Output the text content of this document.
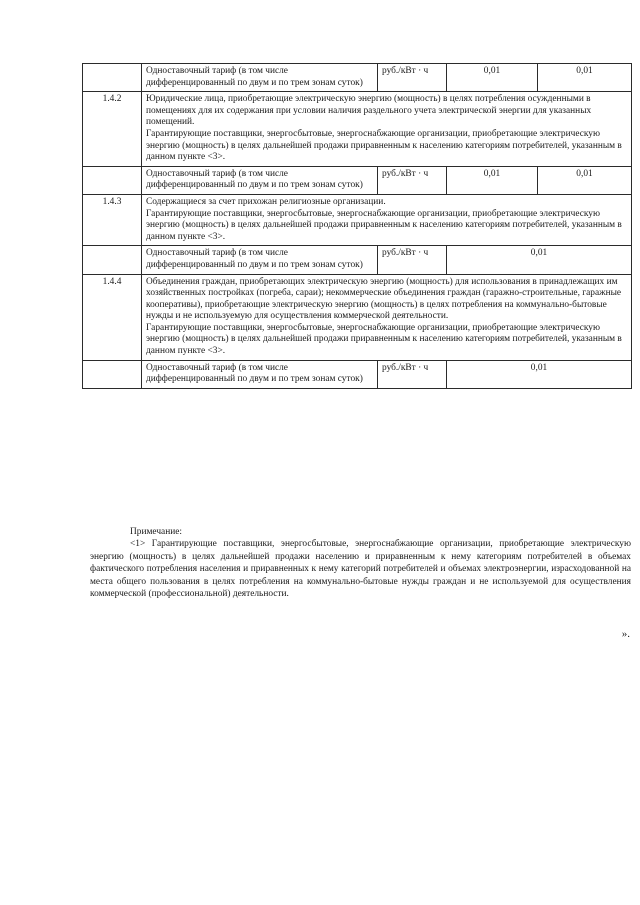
	Одноставочный тариф (в том числе дифференцированный по двум и по трем зонам суток)	руб./кВт · ч	0,01	0,01
1.4.2	Юридические лица, приобретающие электрическую энергию (мощность) в целях потребления осужденными в помещениях для их содержания при условии наличия раздельного учета электрической энергии для указанных помещений.
Гарантирующие поставщики, энергосбытовые, энергоснабжающие организации, приобретающие электрическую энергию (мощность) в целях дальнейшей продажи приравненным к населению категориям потребителей, указанным в данном пункте <3>.			

	Одноставочный тариф (в том числе дифференцированный по двум и по трем зонам суток)	руб./кВт · ч	0,01	0,01
1.4.3	Содержащиеся за счет прихожан религиозные организации.
Гарантирующие поставщики, энергосбытовые, энергоснабжающие организации, приобретающие электрическую энергию (мощность) в целях дальнейшей продажи приравненным к населению категориям потребителей, указанным в данном пункте <3>.			

	Одноставочный тариф (в том числе дифференцированный по двум и по трем зонам суток)	руб./кВт · ч	0,01	
1.4.4	Объединения граждан, приобретающих электрическую энергию (мощность) для использования в принадлежащих им хозяйственных постройках (погреба, сараи); некоммерческие объединения граждан (гаражно-строительные, гаражные кооперативы), приобретающие электрическую энергию (мощность) в целях потребления на коммунально-бытовые нужды и не используемую для осуществления коммерческой деятельности.
Гарантирующие поставщики, энергосбытовые, энергоснабжающие организации, приобретающие электрическую энергию (мощность) в целях дальнейшей продажи приравненным к населению категориям потребителей, указанным в данном пункте <3>.			

	Одноставочный тариф (в том числе дифференцированный по двум и по трем зонам суток)	руб./кВт · ч	0,01	
Примечание:
<1> Гарантирующие поставщики, энергосбытовые, энергоснабжающие организации, приобретающие электрическую энергию (мощность) в целях дальнейшей продажи населению и приравненным к нему категориям потребителей в объемах фактического потребления населения и приравненных к нему категорий потребителей и объемах электроэнергии, израсходованной на места общего пользования в целях потребления на коммунально-бытовые нужды граждан и не используемой для осуществления коммерческой (профессиональной) деятельности.
».
